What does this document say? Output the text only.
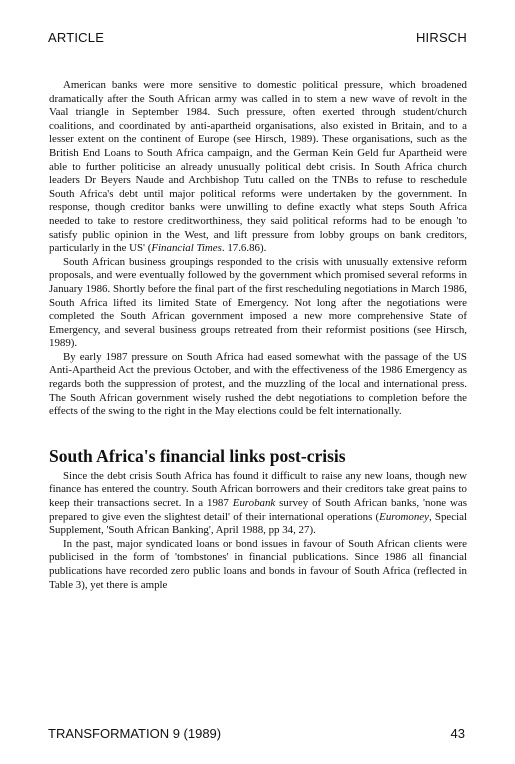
ARTICLE	HIRSCH

American banks were more sensitive to domestic political pressure, which broadened dramatically after the South African army was called in to stem a new wave of revolt in the Vaal triangle in September 1984. Such pressure, often exerted through student/church coalitions, and coordinated by anti-apartheid organisations, also existed in Britain, and to a lesser extent on the continent of Europe (see Hirsch, 1989). These organisations, such as the British End Loans to South Africa campaign, and the German Kein Geld fur Apartheid were able to further politicise an already unusually political debt crisis. In South Africa church leaders Dr Beyers Naude and Archbishop Tutu called on the TNBs to refuse to reschedule South Africa's debt until major political reforms were undertaken by the government. In response, though creditor banks were unwilling to define exactly what steps South Africa needed to take to restore creditworthiness, they said political reforms had to be enough 'to satisfy public opinion in the West, and lift pressure from lobby groups on bank creditors, particularly in the US' (Financial Times. 17.6.86).

South African business groupings responded to the crisis with unusually extensive reform proposals, and were eventually followed by the government which promised several reforms in January 1986. Shortly before the final part of the first rescheduling negotiations in March 1986, South Africa lifted its limited State of Emergency. Not long after the negotiations were completed the South African government imposed a new more comprehensive State of Emergency, and several business groups retreated from their reformist positions (see Hirsch, 1989).

By early 1987 pressure on South Africa had eased somewhat with the passage of the US Anti-Apartheid Act the previous October, and with the effectiveness of the 1986 Emergency as regards both the suppression of protest, and the muzzling of the local and international press. The South African government wisely rushed the debt negotiations to completion before the effects of the swing to the right in the May elections could be felt internationally.

South Africa's financial links post-crisis

Since the debt crisis South Africa has found it difficult to raise any new loans, though new finance has entered the country. South African borrowers and their creditors take great pains to keep their transactions secret. In a 1987 Eurobank survey of South African banks, 'none was prepared to give even the slightest detail' of their international operations (Euromoney, Special Supplement, 'South African Banking', April 1988, pp 34, 27).

In the past, major syndicated loans or bond issues in favour of South African clients were publicised in the form of 'tombstones' in financial publications. Since 1986 all financial publications have recorded zero public loans and bonds in favour of South Africa (reflected in Table 3), yet there is ample

TRANSFORMATION 9 (1989)	43
